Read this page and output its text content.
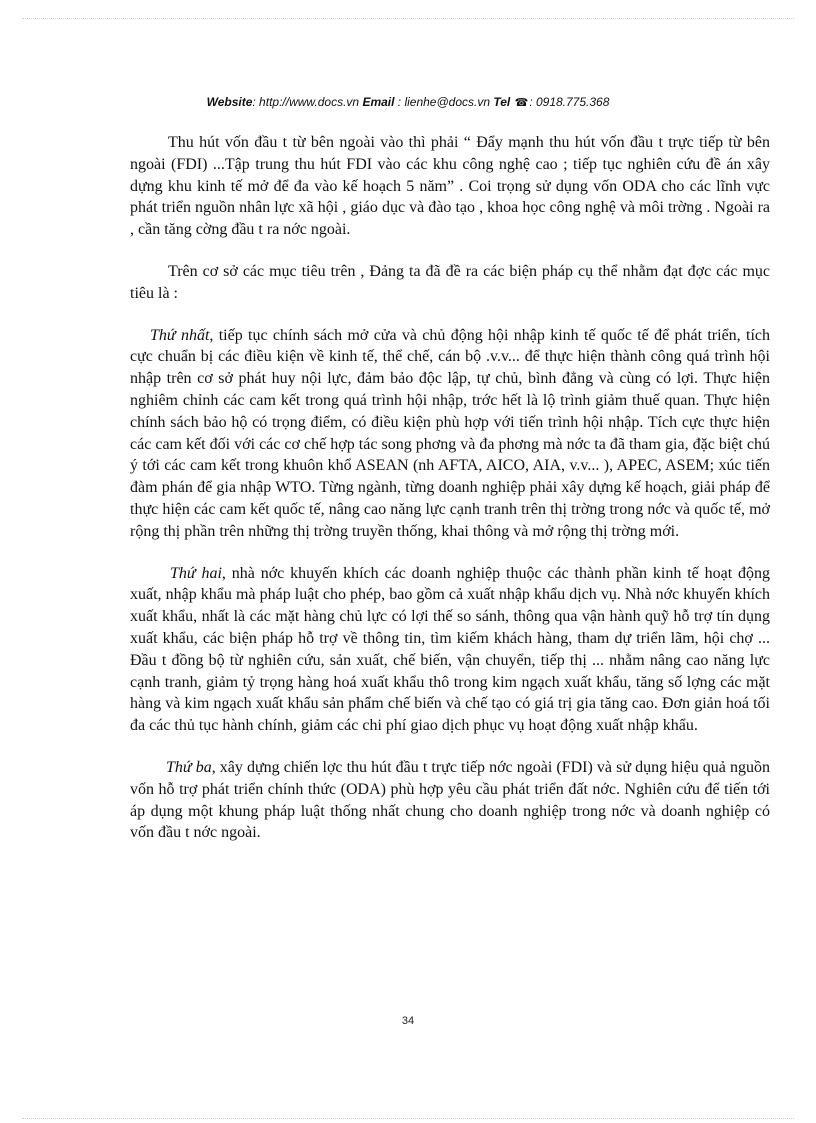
Website: http://www.docs.vn Email : lienhe@docs.vn Tel ☎: 0918.775.368

Thu hút vốn đầu t từ bên ngoài vào thì phải “ Đẩy mạnh thu hút vốn đầu t trực tiếp từ bên ngoài (FDI) ...Tập trung thu hút FDI vào các khu công nghệ cao ; tiếp tục nghiên cứu đề án xây dựng khu kinh tế mở để đa vào kế hoạch 5 năm” . Coi trọng sử dụng vốn ODA cho các lĩnh vực phát triển nguồn nhân lực xã hội , giáo dục và đào tạo , khoa học công nghệ và môi trờng . Ngoài ra , cần tăng cờng đầu t ra nớc ngoài.

Trên cơ sở các mục tiêu trên , Đảng ta đã đề ra các biện pháp cụ thể nhằm đạt đợc các mục tiêu là :

Thứ nhất, tiếp tục chính sách mở cửa và chủ động hội nhập kinh tế quốc tế để phát triển, tích cực chuẩn bị các điều kiện về kinh tế, thể chế, cán bộ .v.v... để thực hiện thành công quá trình hội nhập trên cơ sở phát huy nội lực, đảm bảo độc lập, tự chủ, bình đẳng và cùng có lợi. Thực hiện nghiêm chỉnh các cam kết trong quá trình hội nhập, trớc hết là lộ trình giảm thuế quan. Thực hiện chính sách bảo hộ có trọng điểm, có điều kiện phù hợp với tiến trình hội nhập. Tích cực thực hiện các cam kết đối với các cơ chế hợp tác song phơng và đa phơng mà nớc ta đã tham gia, đặc biệt chú ý tới các cam kết trong khuôn khổ ASEAN (nh AFTA, AICO, AIA, v.v... ), APEC, ASEM; xúc tiến đàm phán để gia nhập WTO. Từng ngành, từng doanh nghiệp phải xây dựng kế hoạch, giải pháp để thực hiện các cam kết quốc tế, nâng cao năng lực cạnh tranh trên thị trờng trong nớc và quốc tế, mở rộng thị phần trên những thị trờng truyền thống, khai thông và mở rộng thị trờng mới.

Thứ hai, nhà nớc khuyến khích các doanh nghiệp thuộc các thành phần kinh tế hoạt động xuất, nhập khẩu mà pháp luật cho phép, bao gồm cả xuất nhập khẩu dịch vụ. Nhà nớc khuyến khích xuất khẩu, nhất là các mặt hàng chủ lực có lợi thế so sánh, thông qua vận hành quỹ hỗ trợ tín dụng xuất khẩu, các biện pháp hỗ trợ về thông tin, tìm kiếm khách hàng, tham dự triển lãm, hội chợ ... Đầu t đồng bộ từ nghiên cứu, sản xuất, chế biến, vận chuyển, tiếp thị ... nhằm nâng cao năng lực cạnh tranh, giảm tỷ trọng hàng hoá xuất khẩu thô trong kim ngạch xuất khẩu, tăng số lợng các mặt hàng và kim ngạch xuất khẩu sản phẩm chế biến và chế tạo có giá trị gia tăng cao. Đơn giản hoá tối đa các thủ tục hành chính, giảm các chi phí giao dịch phục vụ hoạt động xuất nhập khẩu.

Thứ ba, xây dựng chiến lợc thu hút đầu t trực tiếp nớc ngoài (FDI) và sử dụng hiệu quả nguồn vốn hỗ trợ phát triển chính thức (ODA) phù hợp yêu cầu phát triển đất nớc. Nghiên cứu để tiến tới áp dụng một khung pháp luật thống nhất chung cho doanh nghiệp trong nớc và doanh nghiệp có vốn đầu t nớc ngoài.

34
